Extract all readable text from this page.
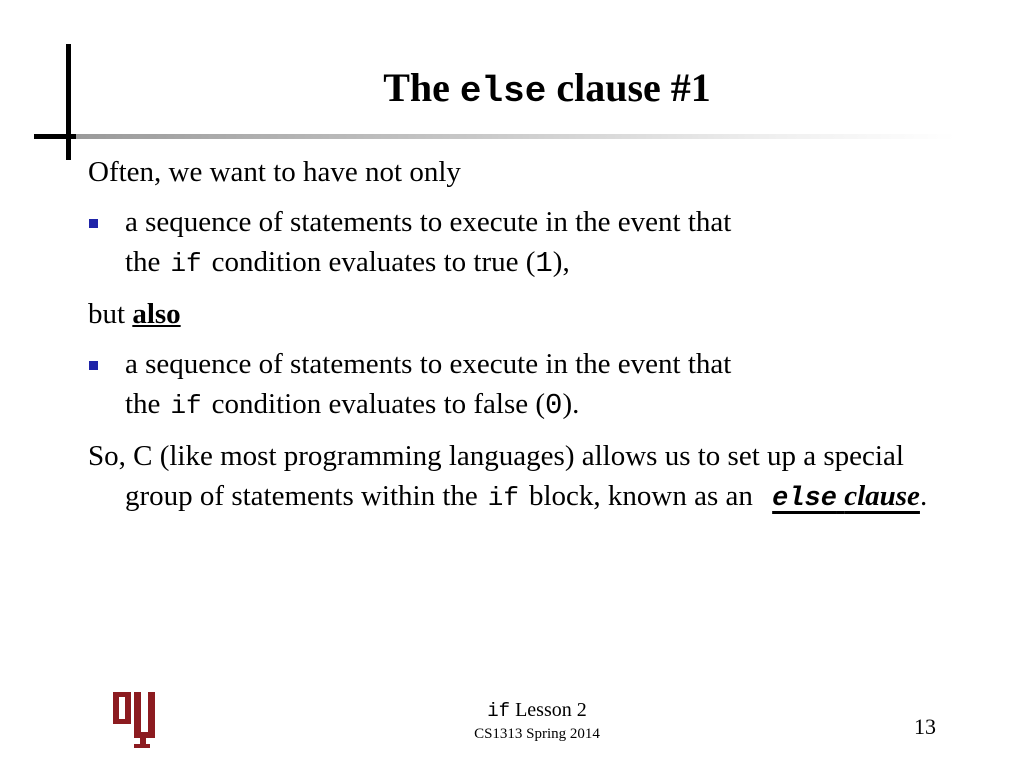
The else clause #1

Often, we want to have not only

a sequence of statements to execute in the event that
the if condition evaluates to true (1),

but also

a sequence of statements to execute in the event that
the if condition evaluates to false (0).

So, C (like most programming languages) allows us to set up a special group of statements within the if block, known as an else clause.

if Lesson 2
CS1313 Spring 2014	13
